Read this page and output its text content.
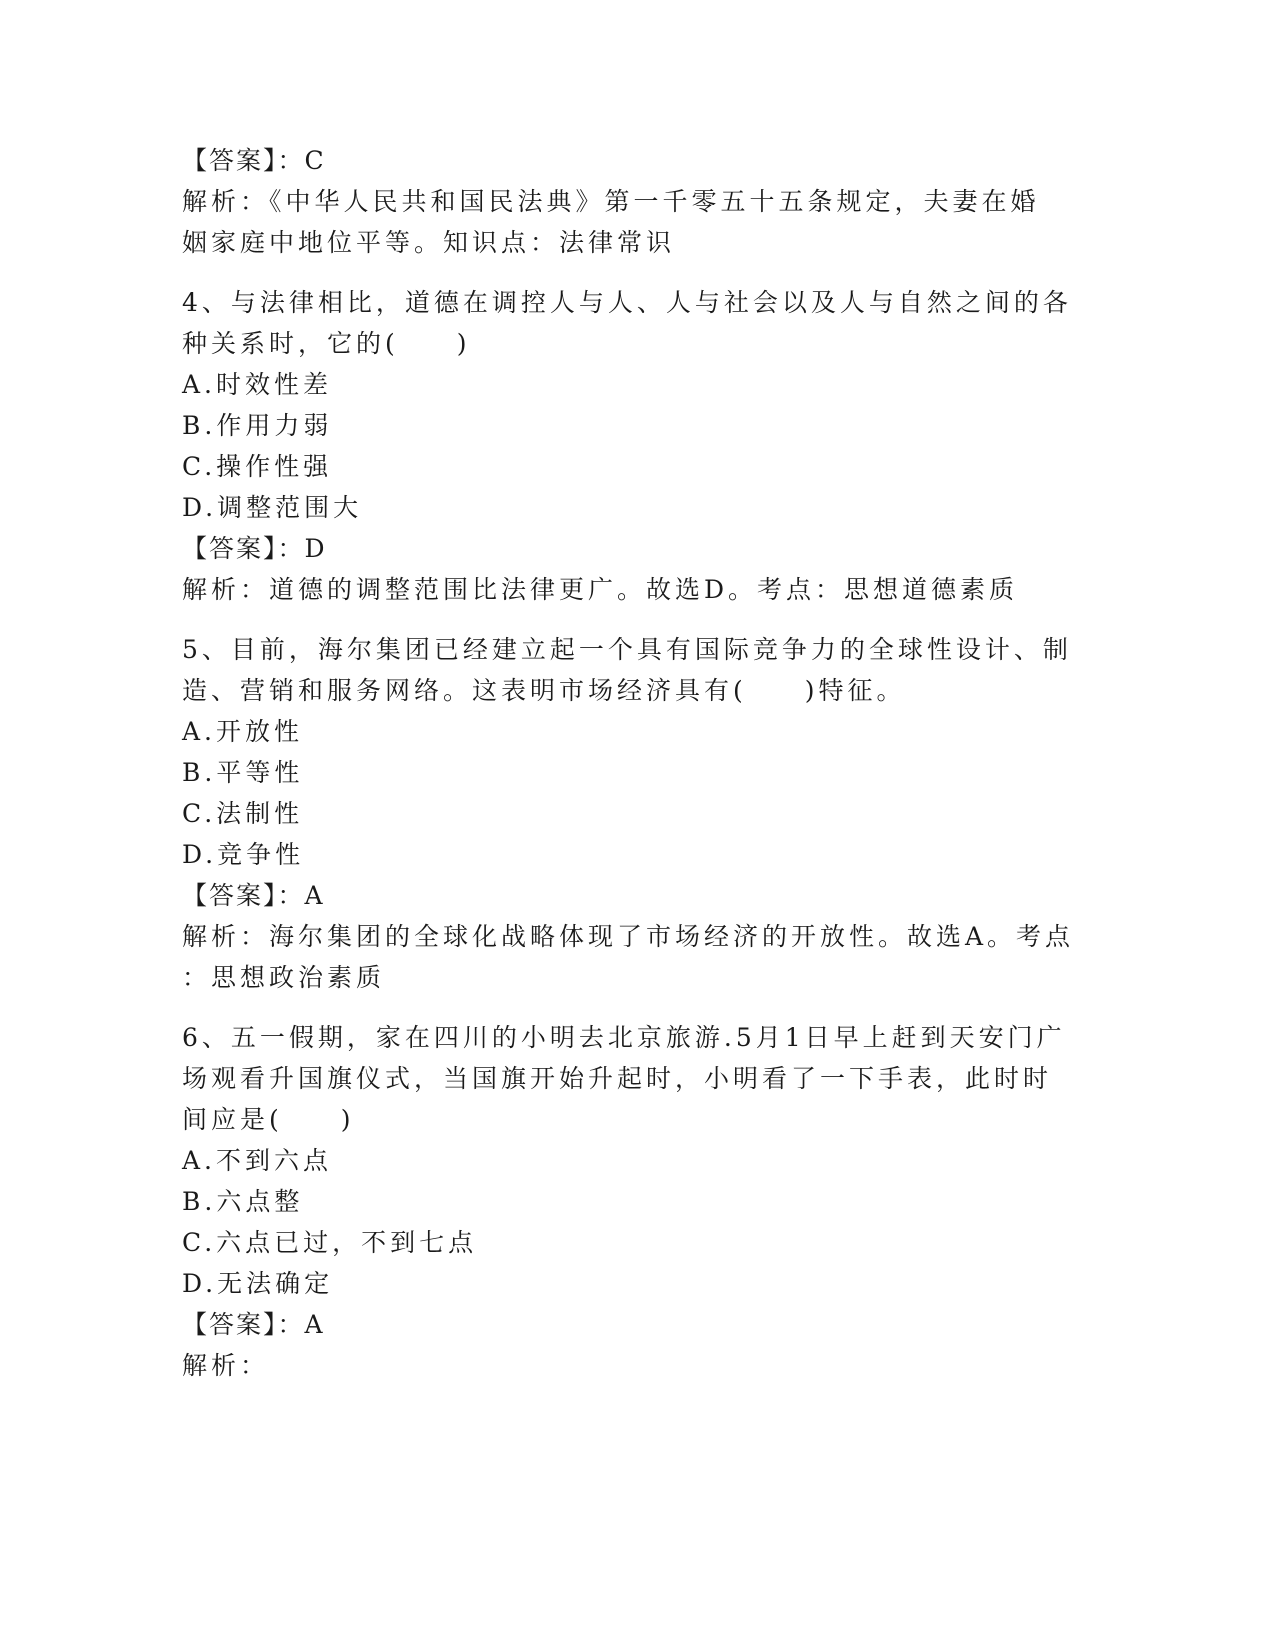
【答案】：C
解析：《中华人民共和国民法典》第一千零五十五条规定，夫妻在婚
姻家庭中地位平等。知识点：法律常识
4、与法律相比，道德在调控人与人、人与社会以及人与自然之间的各
种关系时，它的(　　)
A.时效性差
B.作用力弱
C.操作性强
D.调整范围大
【答案】：D
解析：道德的调整范围比法律更广。故选D。考点：思想道德素质
5、目前，海尔集团已经建立起一个具有国际竞争力的全球性设计、制
造、营销和服务网络。这表明市场经济具有(　　)特征。
A.开放性
B.平等性
C.法制性
D.竞争性
【答案】：A
解析：海尔集团的全球化战略体现了市场经济的开放性。故选A。考点
：思想政治素质
6、五一假期，家在四川的小明去北京旅游.5月1日早上赶到天安门广
场观看升国旗仪式，当国旗开始升起时，小明看了一下手表，此时时
间应是(　　)
A.不到六点
B.六点整
C.六点已过，不到七点
D.无法确定
【答案】：A
解析：
